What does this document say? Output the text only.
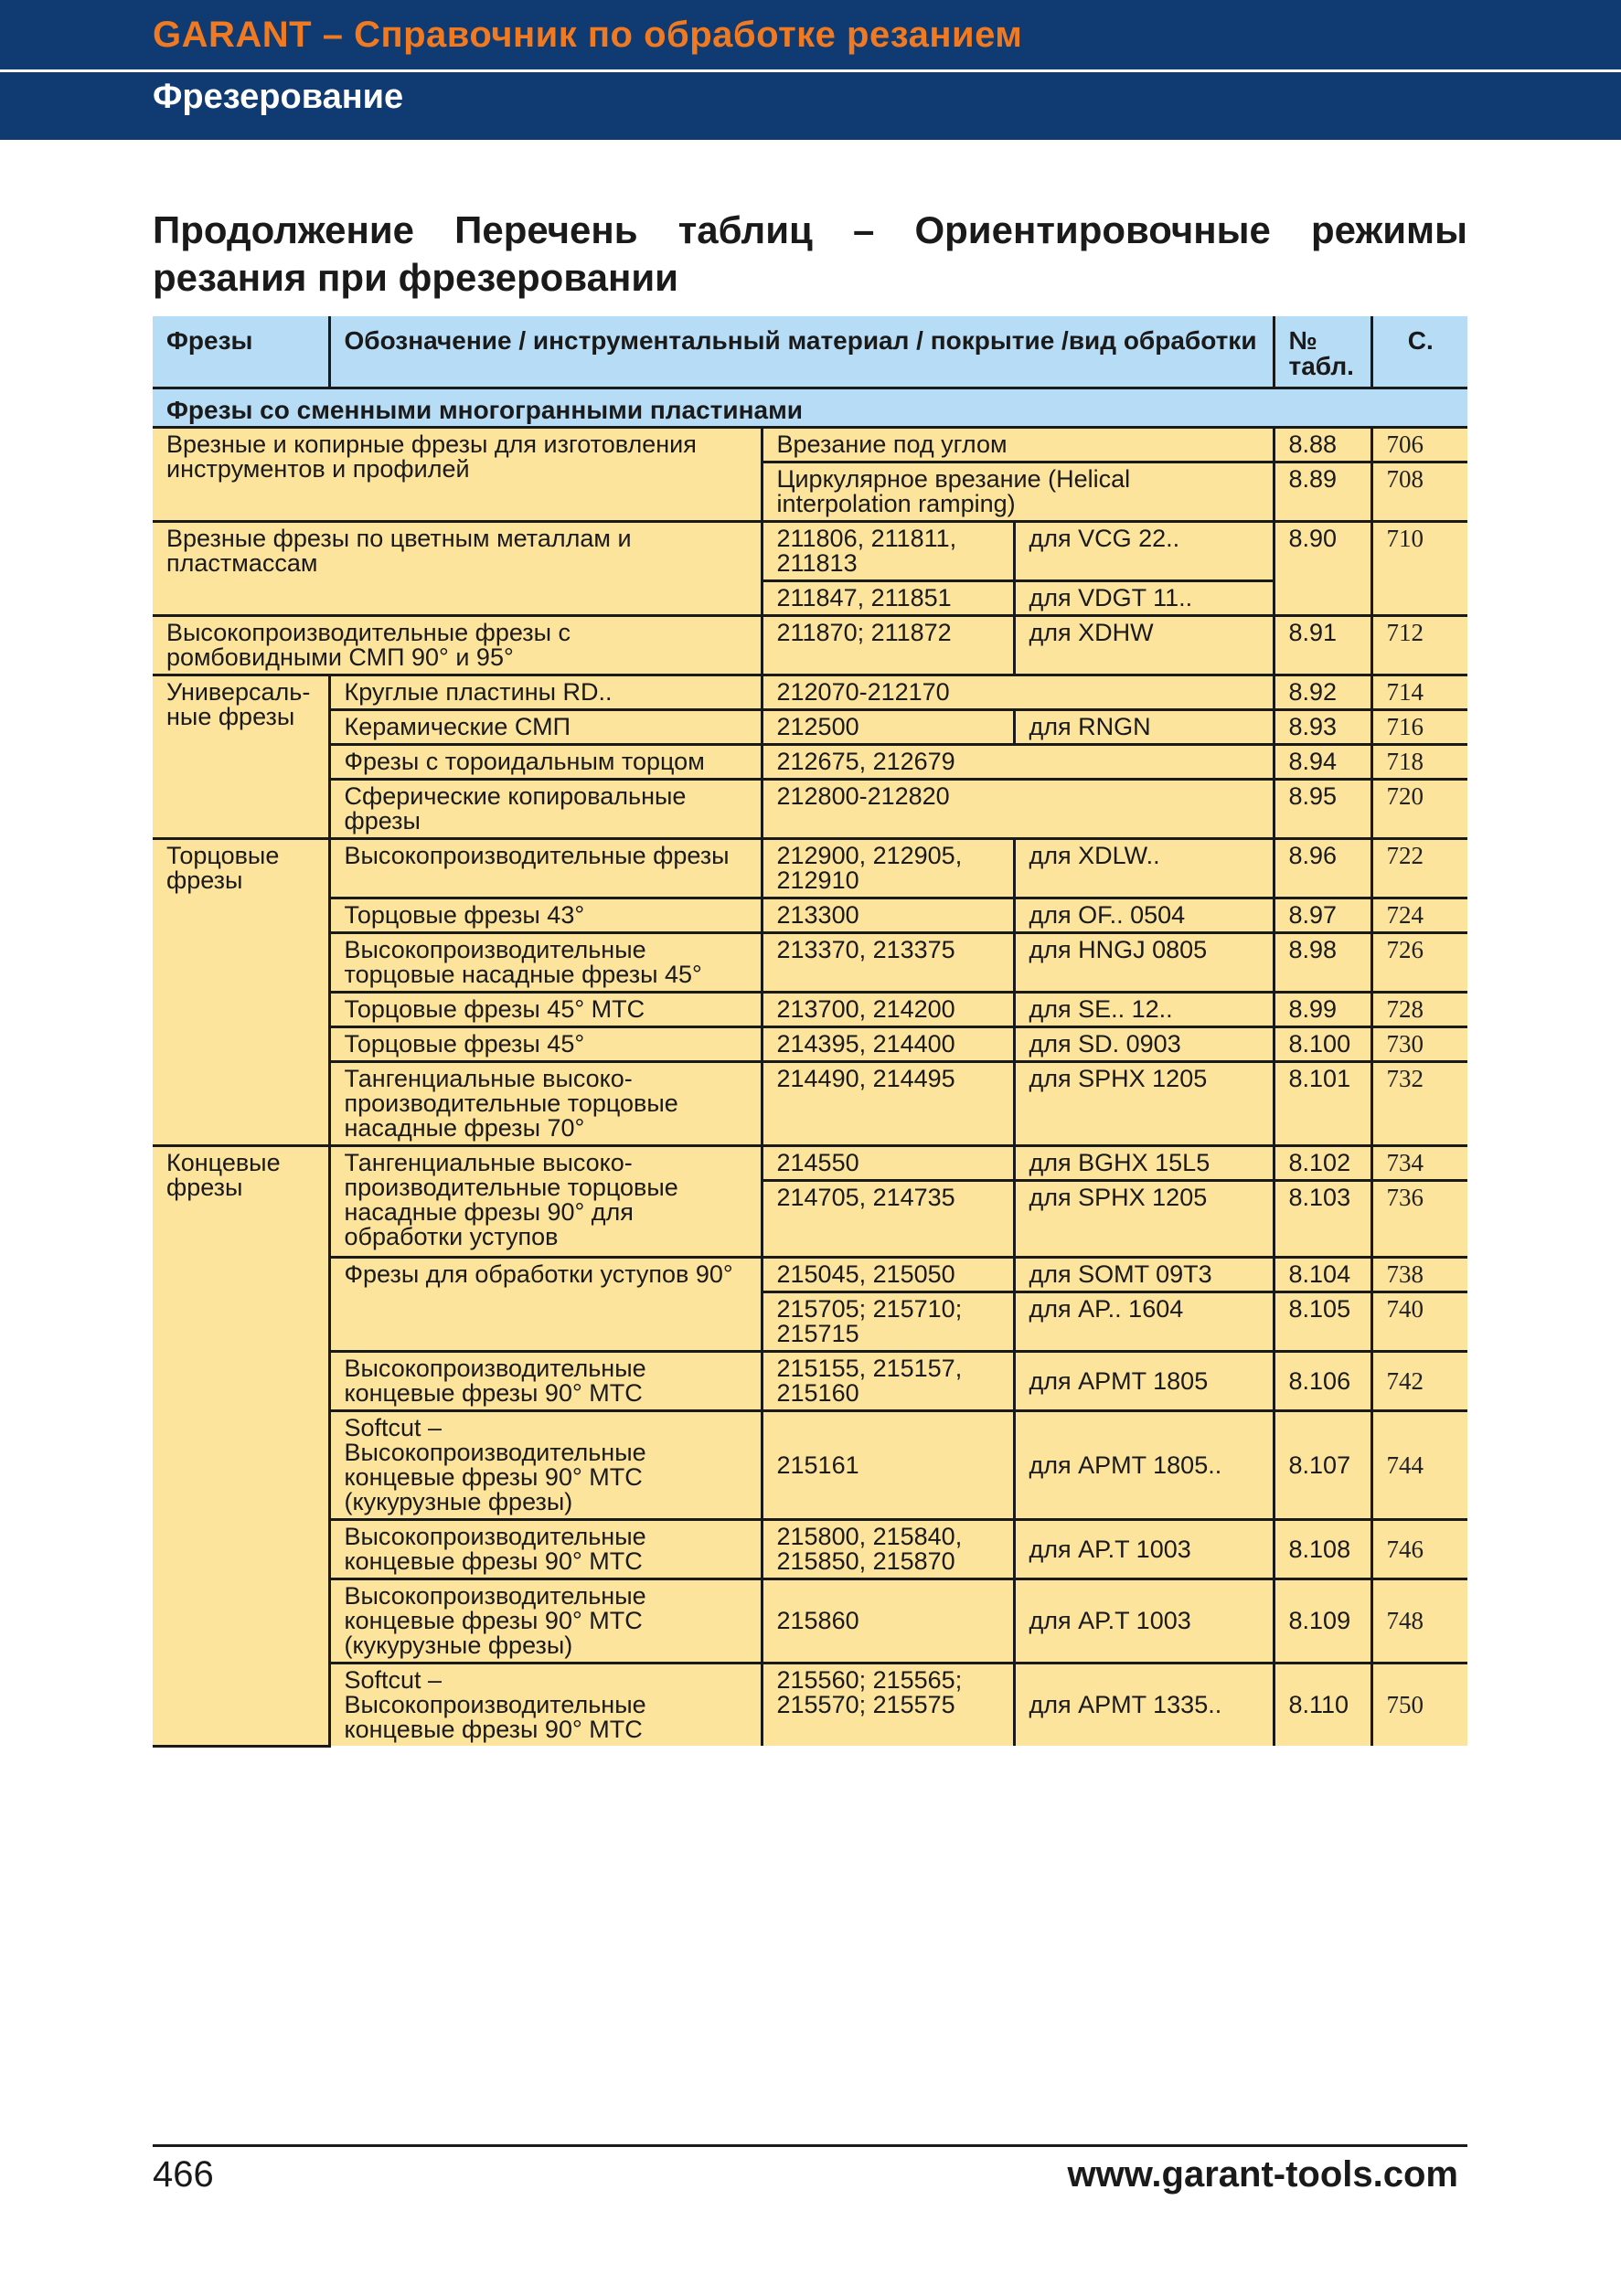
GARANT – Справочник по обработке резанием
Фрезерование
Продолжение Перечень таблиц – Ориентировочные режимы резания при фрезеровании
Фрезы	Обозначение / инструментальный материал / покрытие /вид обработки			№ табл.	С.
Фрезы со сменными многогранными пластинами					
Врезные и копирные фрезы для изготовления инструментов и профилей		Врезание под углом		8.88	706
		Циркулярное врезание (Helical interpolation ramping)		8.89	708
Врезные фрезы по цветным металлам и пластмассам		211806, 211811, 211813	для VCG 22..	8.90	710
		211847, 211851	для VDGT 11..		
Высокопроизводительные фрезы с ромбовидными СМП 90° и 95°		211870; 211872	для XDHW	8.91	712
Универсаль-ные фрезы	Круглые пластины RD..	212070-212170		8.92	714
	Керамические СМП	212500	для RNGN	8.93	716
	Фрезы с тороидальным торцом	212675, 212679		8.94	718
	Сферические копировальные фрезы	212800-212820		8.95	720
Торцовые фрезы	Высокопроизводительные фрезы	212900, 212905, 212910	для XDLW..	8.96	722
	Торцовые фрезы 43°	213300	для OF.. 0504	8.97	724
	Высокопроизводительные торцовые насадные фрезы 45°	213370, 213375	для HNGJ 0805	8.98	726
	Торцовые фрезы 45° MTC	213700, 214200	для SE.. 12..	8.99	728
	Торцовые фрезы 45°	214395, 214400	для SD. 0903	8.100	730
	Тангенциальные высоко-производительные торцовые насадные фрезы 70°	214490, 214495	для SPHX 1205	8.101	732
Концевые фрезы	Тангенциальные высоко-производительные торцовые насадные фрезы 90° для обработки уступов	214550	для BGHX 15L5	8.102	734
		214705, 214735	для SPHX 1205	8.103	736
	Фрезы для обработки уступов 90°	215045, 215050	для SOMT 09T3	8.104	738
		215705; 215710; 215715	для AP.. 1604	8.105	740
	Высокопроизводительные концевые фрезы 90° MTC	215155, 215157, 215160	для APMT 1805	8.106	742
	Softcut – Высокопроизводительные концевые фрезы 90° MTC (кукурузные фрезы)	215161	для APMT 1805..	8.107	744
	Высокопроизводительные концевые фрезы 90° MTC	215800, 215840, 215850, 215870	для AP.T 1003	8.108	746
	Высокопроизводительные концевые фрезы 90° MTC (кукурузные фрезы)	215860	для AP.T 1003	8.109	748
	Softcut – Высокопроизводительные концевые фрезы 90° MTC	215560; 215565; 215570; 215575	для APMT 1335..	8.110	750
466	www.garant-tools.com
